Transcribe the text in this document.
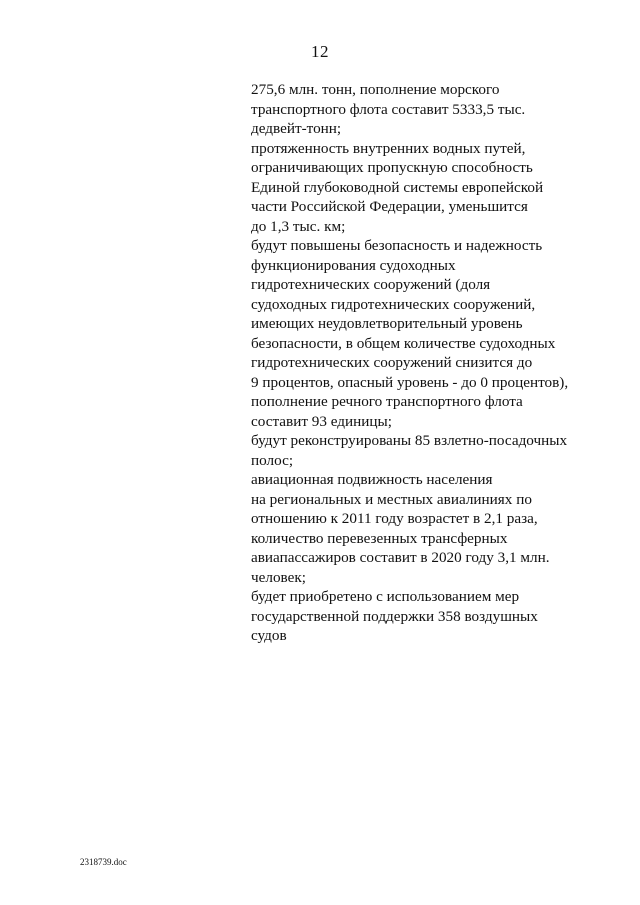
12
275,6 млн. тонн, пополнение морского
транспортного флота составит 5333,5 тыс.
дедвейт-тонн;
протяженность внутренних водных путей,
ограничивающих пропускную способность
Единой глубоководной системы европейской
части Российской Федерации, уменьшится
до 1,3 тыс. км;
будут повышены безопасность и надежность
функционирования судоходных
гидротехнических сооружений (доля
судоходных гидротехнических сооружений,
имеющих неудовлетворительный уровень
безопасности, в общем количестве судоходных
гидротехнических сооружений снизится до
9 процентов, опасный уровень - до 0 процентов),
пополнение речного транспортного флота
составит 93 единицы;
будут реконструированы 85 взлетно-посадочных
полос;
авиационная подвижность населения
на региональных и местных авиалиниях по
отношению к 2011 году возрастет в 2,1 раза,
количество перевезенных трансферных
авиапассажиров составит в 2020 году 3,1 млн.
человек;
будет приобретено с использованием мер
государственной поддержки 358 воздушных
судов
2318739.doc
